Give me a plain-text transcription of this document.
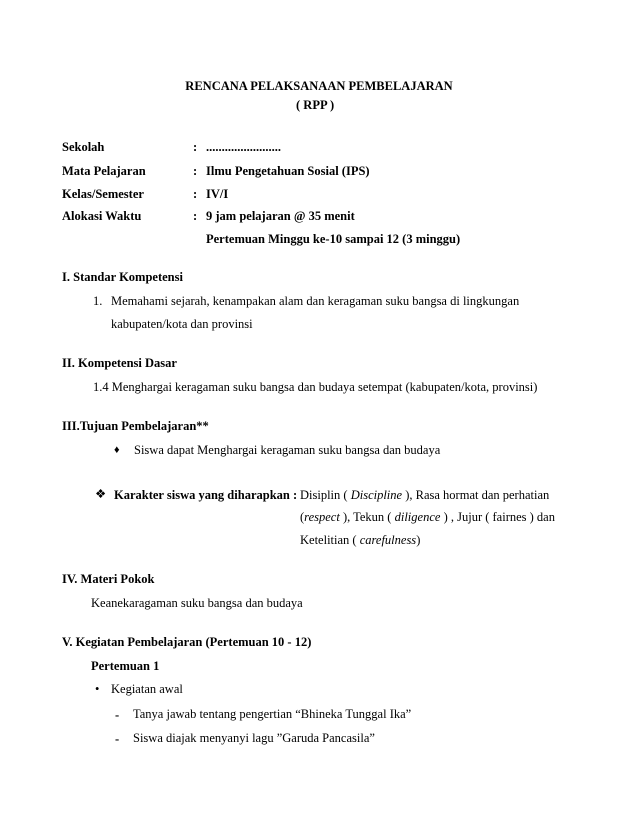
RENCANA PELAKSANAAN PEMBELAJARAN
( RPP )
Sekolah	: ........................
Mata Pelajaran	: Ilmu Pengetahuan Sosial (IPS)
Kelas/Semester	: IV/I
Alokasi Waktu	: 9 jam pelajaran @ 35 menit
Pertemuan Minggu ke-10 sampai 12 (3 minggu)
I. Standar Kompetensi
1. Memahami sejarah, kenampakan alam dan keragaman suku bangsa di lingkungan
kabupaten/kota dan provinsi
II. Kompetensi Dasar
1.4 Menghargai keragaman suku bangsa dan budaya setempat (kabupaten/kota, provinsi)
III.Tujuan Pembelajaran**
♦ Siswa dapat Menghargai keragaman suku bangsa dan budaya
❖ Karakter siswa yang diharapkan : Disiplin ( Discipline ), Rasa hormat dan perhatian
(respect ), Tekun ( diligence ) , Jujur ( fairnes ) dan
Ketelitian ( carefulness)
IV. Materi Pokok
Keanekaragaman suku bangsa dan budaya
V. Kegiatan Pembelajaran (Pertemuan 10 - 12)
Pertemuan 1
• Kegiatan awal
- Tanya jawab tentang pengertian “Bhineka Tunggal Ika”
- Siswa diajak menyanyi lagu ”Garuda Pancasila”
